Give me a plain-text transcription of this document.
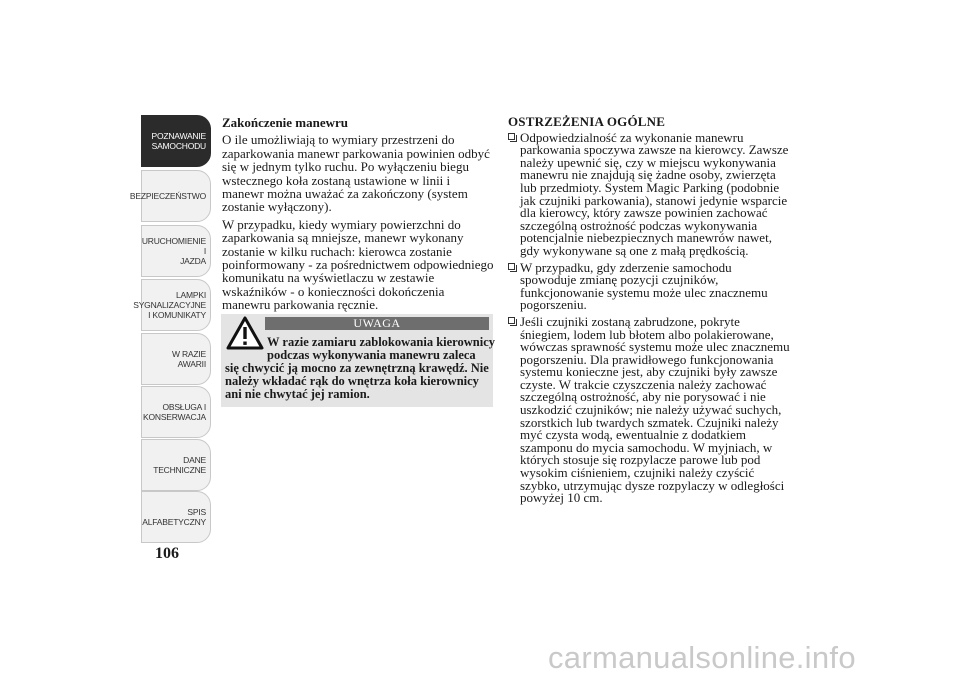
POZNAWANIE
SAMOCHODU
BEZPIECZEŃSTWO
URUCHOMIENIE I
JAZDA
LAMPKI
SYGNALIZACYJNE
I KOMUNIKATY
W RAZIE AWARII
OBSŁUGA I
KONSERWACJA
DANE
TECHNICZNE
SPIS
ALFABETYCZNY
106
Zakończenie manewru

O ile umożliwiają to wymiary przestrzeni do zaparkowania manewr parkowania powinien odbyć się w jednym tylko ruchu. Po wyłączeniu biegu wstecznego koła zostaną ustawione w linii i manewr można uważać za zakończony (system zostanie wyłączony).

W przypadku, kiedy wymiary powierzchni do zaparkowania są mniejsze, manewr wykonany zostanie w kilku ruchach: kierowca zostanie poinformowany - za pośrednictwem odpowiedniego komunikatu na wyświetlaczu w zestawie wskaźników - o konieczności dokończenia manewru parkowania ręcznie.

UWAGA
W razie zamiaru zablokowania kierownicy
podczas wykonywania manewru zaleca
się chwycić ją mocno za zewnętrzną krawędź. Nie
należy wkładać rąk do wnętrza koła kierownicy
ani nie chwytać jej ramion.
OSTRZEŻENIA OGÓLNE
Odpowiedzialność za wykonanie manewru parkowania spoczywa zawsze na kierowcy. Zawsze należy upewnić się, czy w miejscu wykonywania manewru nie znajdują się żadne osoby, zwierzęta lub przedmioty. System Magic Parking (podobnie jak czujniki parkowania), stanowi jedynie wsparcie dla kierowcy, który zawsze powinien zachować szczególną ostrożność podczas wykonywania potencjalnie niebezpiecznych manewrów nawet, gdy wykonywane są one z małą prędkością.
W przypadku, gdy zderzenie samochodu spowoduje zmianę pozycji czujników, funkcjonowanie systemu może ulec znacznemu pogorszeniu.
Jeśli czujniki zostaną zabrudzone, pokryte śniegiem, lodem lub błotem albo polakierowane, wówczas sprawność systemu może ulec znacznemu pogorszeniu. Dla prawidłowego funkcjonowania systemu konieczne jest, aby czujniki były zawsze czyste. W trakcie czyszczenia należy zachować szczególną ostrożność, aby nie porysować i nie uszkodzić czujników; nie należy używać suchych, szorstkich lub twardych szmatek. Czujniki należy myć czysta wodą, ewentualnie z dodatkiem szamponu do mycia samochodu. W myjniach, w których stosuje się rozpylacze parowe lub pod wysokim ciśnieniem, czujniki należy czyścić szybko, utrzymując dysze rozpylaczy w odległości powyżej 10 cm.
carmanualsonline.info
